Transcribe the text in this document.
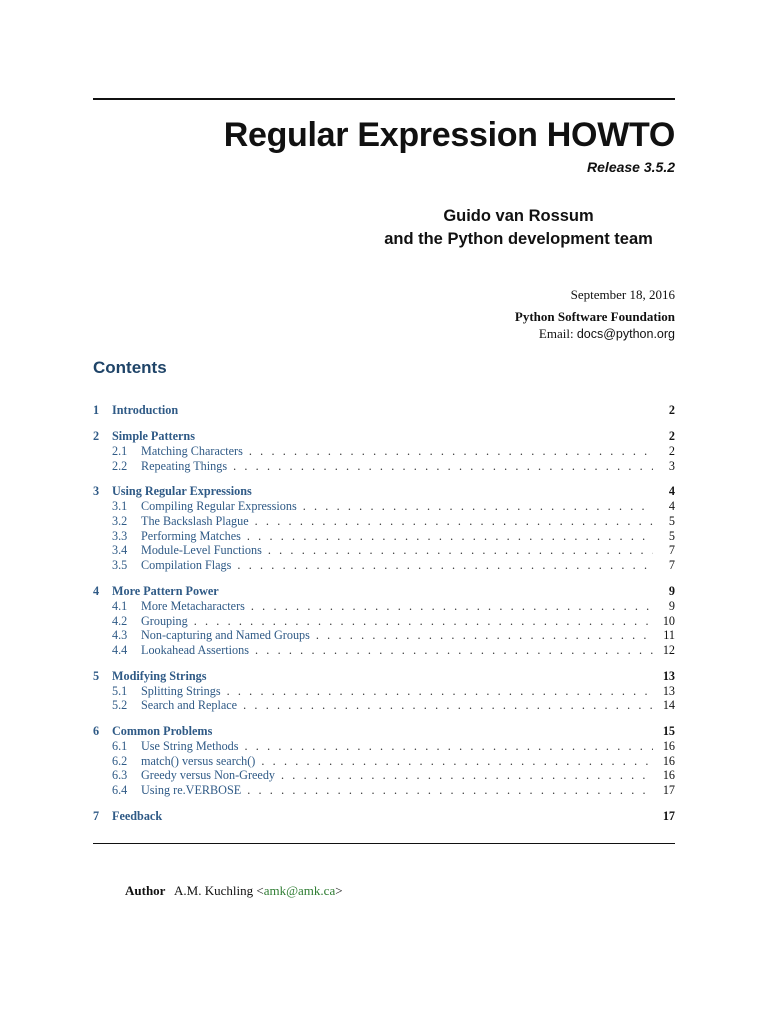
Regular Expression HOWTO
Release 3.5.2
Guido van Rossum
and the Python development team
September 18, 2016
Python Software Foundation
Email: docs@python.org
Contents
1	Introduction	2
2	Simple Patterns	2
2.1	Matching Characters . . .	2
2.2	Repeating Things . . .	3
3	Using Regular Expressions	4
3.1	Compiling Regular Expressions . . .	4
3.2	The Backslash Plague . . .	5
3.3	Performing Matches . . .	5
3.4	Module-Level Functions . . .	7
3.5	Compilation Flags . . .	7
4	More Pattern Power	9
4.1	More Metacharacters . . .	9
4.2	Grouping . . .	10
4.3	Non-capturing and Named Groups . . .	11
4.4	Lookahead Assertions . . .	12
5	Modifying Strings	13
5.1	Splitting Strings . . .	13
5.2	Search and Replace . . .	14
6	Common Problems	15
6.1	Use String Methods . . .	16
6.2	match() versus search() . . .	16
6.3	Greedy versus Non-Greedy . . .	16
6.4	Using re.VERBOSE . . .	17
7	Feedback	17
Author A.M. Kuchling <amk@amk.ca>
